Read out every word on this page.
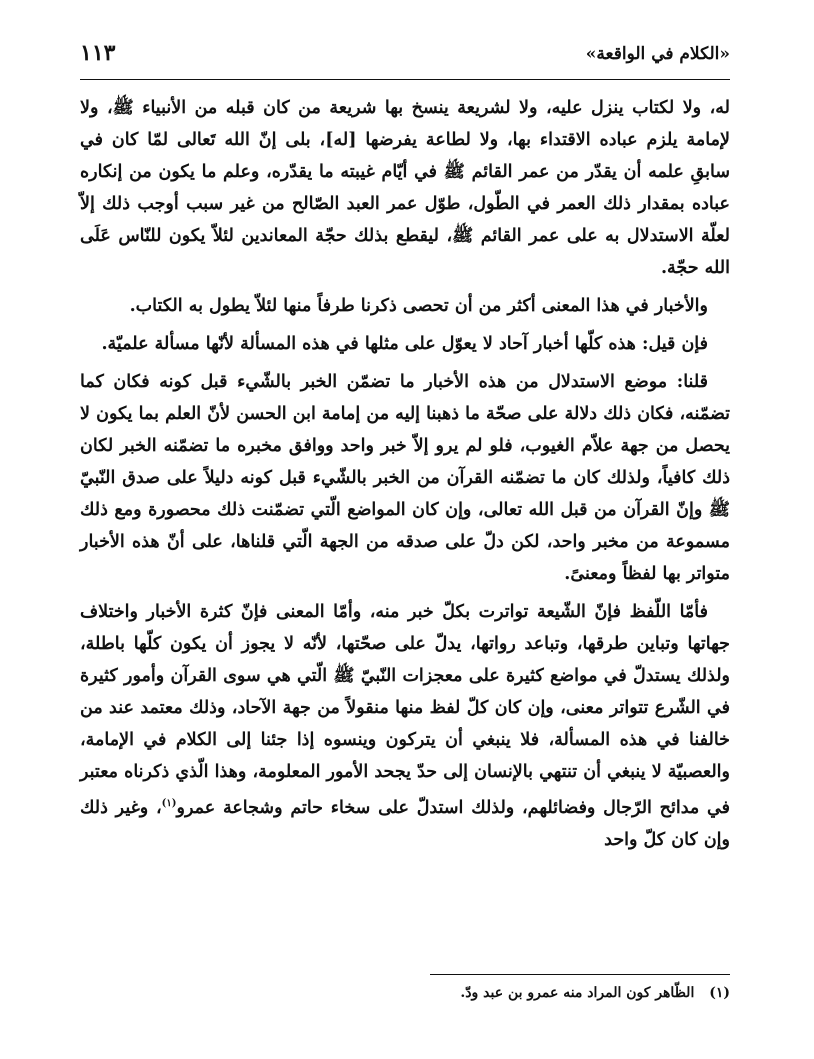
«الكلام في الواقعة»
١١٣

له، ولا لكتاب ينزل عليه، ولا لشريعة ينسخ بها شريعة من كان قبله من الأنبياء ﷺ، ولا لإمامة يلزم عباده الاقتداء بها، ولا لطاعة يفرضها [له]، بلى إنّ الله تَعالى لمّا كان في سابقِ علمه أن يقدّر من عمر القائم ﷺ في أيّام غيبته ما يقدّره، وعلم ما يكون من إنكاره عباده بمقدار ذلك العمر في الطّول، طوّل عمر العبد الصّالح من غير سبب أوجب ذلك إلاّ لعلّة الاستدلال به على عمر القائم ﷺ، ليقطع بذلك حجّة المعاندين لئلاّ يكون للنّاس عَلَى الله حجّة.

والأخبار في هذا المعنى أكثر من أن تحصى ذكرنا طرفاً منها لئلاّ يطول به الكتاب.

فإن قيل: هذه كلّها أخبار آحاد لا يعوّل على مثلها في هذه المسألة لأنّها مسألة علميّة.

قلنا: موضع الاستدلال من هذه الأخبار ما تضمّن الخبر بالشّيء قبل كونه فكان كما تضمّنه، فكان ذلك دلالة على صحّة ما ذهبنا إليه من إمامة ابن الحسن لأنّ العلم بما يكون لا يحصل من جهة علاّم الغيوب، فلو لم يرو إلاّ خبر واحد ووافق مخبره ما تضمّنه الخبر لكان ذلك كافياً، ولذلك كان ما تضمّنه القرآن من الخبر بالشّيء قبل كونه دليلاً على صدق النّبيّ ﷺ وإنّ القرآن من قبل الله تعالى، وإن كان المواضع الّتي تضمّنت ذلك محصورة ومع ذلك مسموعة من مخبر واحد، لكن دلّ على صدقه من الجهة الّتي قلناها، على أنّ هذه الأخبار متواتر بها لفظاً ومعنىً.

فأمّا اللّفظ فإنّ الشّيعة تواترت بكلّ خبر منه، وأمّا المعنى فإنّ كثرة الأخبار واختلاف جهاتها وتباين طرقها، وتباعد رواتها، يدلّ على صحّتها، لأنّه لا يجوز أن يكون كلّها باطلة، ولذلك يستدلّ في مواضع كثيرة على معجزات النّبيّ ﷺ الّتي هي سوى القرآن وأمور كثيرة في الشّرع تتواتر معنى، وإن كان كلّ لفظ منها منقولاً من جهة الآحاد، وذلك معتمد عند من خالفنا في هذه المسألة، فلا ينبغي أن يتركون وينسوه إذا جئنا إلى الكلام في الإمامة، والعصبيّة لا ينبغي أن تنتهي بالإنسان إلى حدّ يجحد الأمور المعلومة، وهذا الّذي ذكرناه معتبر في مدائح الرّجال وفضائلهم، ولذلك استدلّ على سخاء حاتم وشجاعة عمرو$^{(١)}$، وغير ذلك وإن كان كلّ واحد

(١) الظّاهر كون المراد منه عمرو بن عبد ودّ.
